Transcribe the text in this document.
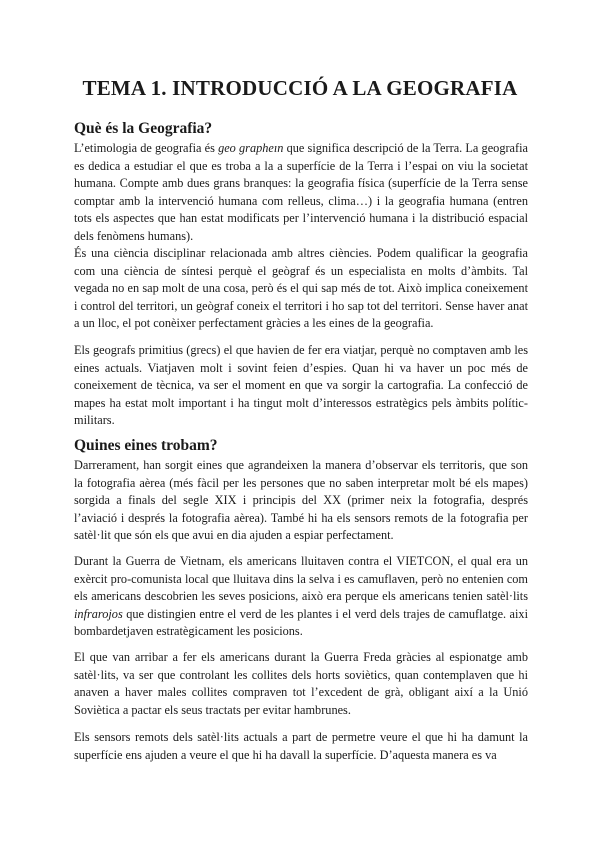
TEMA 1. INTRODUCCIÓ A LA GEOGRAFIA
Què és la Geografia?

L’etimologia de geografia és geo grapheın que significa descripció de la Terra. La geografia es dedica a estudiar el que es troba a la a superfície de la Terra i l’espai on viu la societat humana. Compte amb dues grans branques: la geografia física (superfície de la Terra sense comptar amb la intervenció humana com relleus, clima…) i la geografia humana (entren tots els aspectes que han estat modificats per l’intervenció humana i la distribució espacial dels fenòmens humans).

És una ciència disciplinar relacionada amb altres ciències. Podem qualificar la geografia com una ciència de síntesi perquè el geògraf és un especialista en molts d’àmbits. Tal vegada no en sap molt de una cosa, però és el qui sap més de tot. Això implica coneixement i control del territori, un geògraf coneix el territori i ho sap tot del territori. Sense haver anat a un lloc, el pot conèixer perfectament gràcies a les eines de la geografia.

Els geografs primitius (grecs) el que havien de fer era viatjar, perquè no comptaven amb les eines actuals. Viatjaven molt i sovint feien d’espies. Quan hi va haver un poc més de coneixement de tècnica, va ser el moment en que va sorgir la cartografia. La confecció de mapes ha estat molt important i ha tingut molt d’interessos estratègics pels àmbits polític-militars.

Quines eines trobam?

Darrerament, han sorgit eines que agrandeixen la manera d’observar els territoris, que son la fotografia aèrea (més fàcil per les persones que no saben interpretar molt bé els mapes) sorgida a finals del segle XIX i principis del XX (primer neix la fotografia, després l’aviació i després la fotografia aèrea). També hi ha els sensors remots de la fotografia per satèl·lit que són els que avui en dia ajuden a espiar perfectament.

Durant la Guerra de Vietnam, els americans lluitaven contra el VIETCON, el qual era un exèrcit pro-comunista local que lluitava dins la selva i es camuflaven, però no entenien com els americans descobrien les seves posicions, això era perque els americans tenien satèl·lits infrarojos que distingien entre el verd de les plantes i el verd dels trajes de camuflatge. aixi bombardetjaven estratègicament les posicions.

El que van arribar a fer els americans durant la Guerra Freda gràcies al espionatge amb satèl·lits, va ser que controlant les collites dels horts soviètics, quan contemplaven que hi anaven a haver males collites compraven tot l’excedent de grà, obligant així a la Unió Soviètica a pactar els seus tractats per evitar hambrunes.

Els sensors remots dels satèl·lits actuals a part de permetre veure el que hi ha damunt la superfície ens ajuden a veure el que hi ha davall la superfície. D’aquesta manera es va
